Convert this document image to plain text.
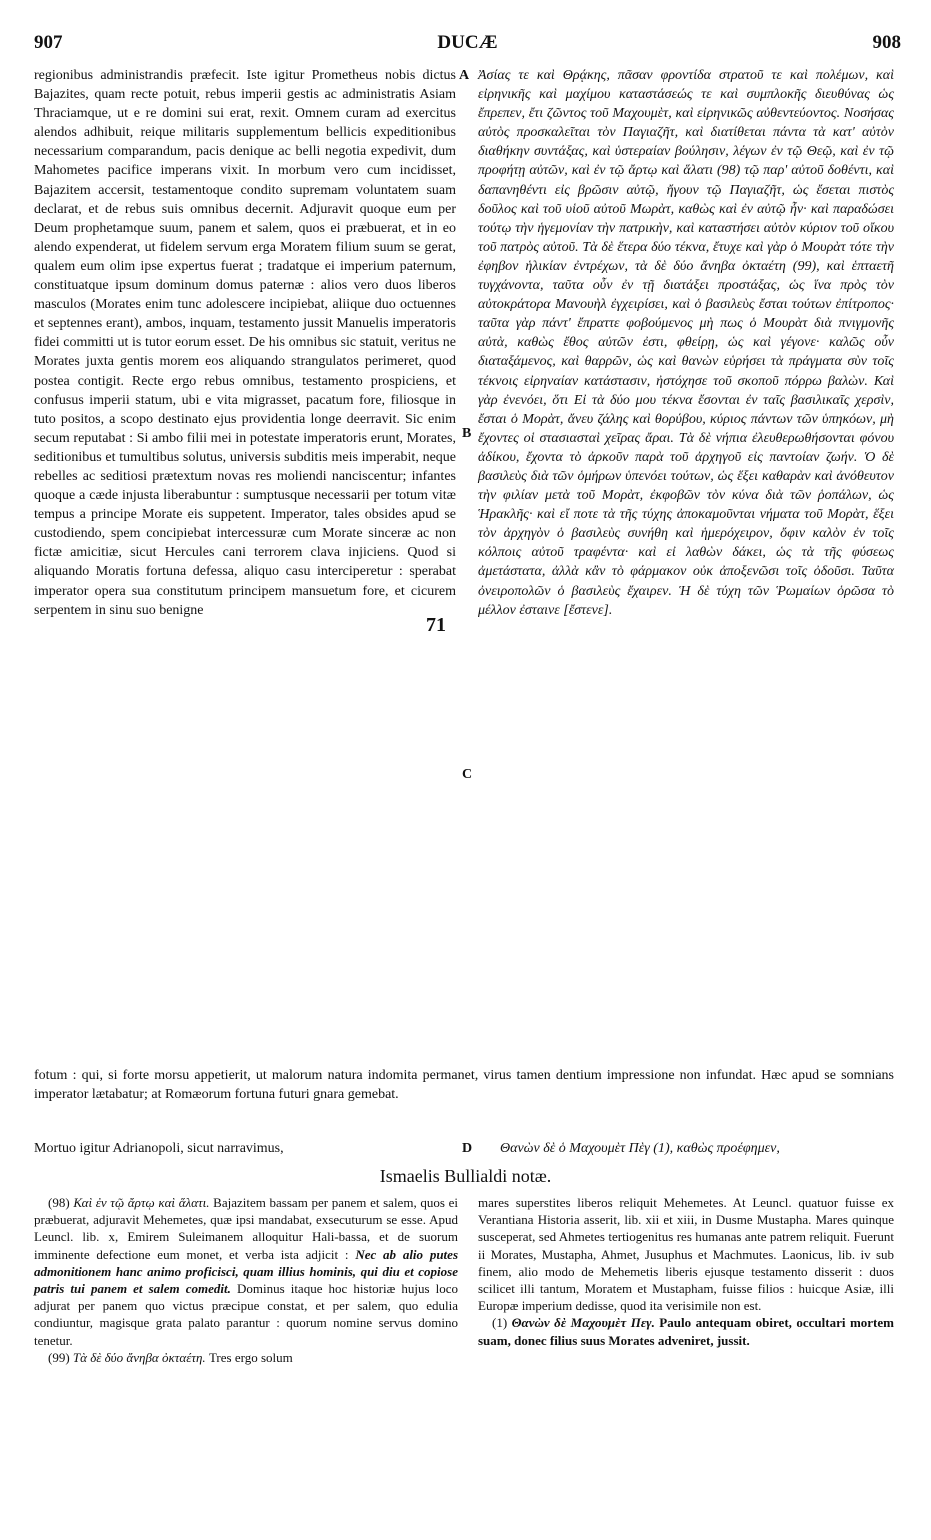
907	DUCÆ	908

regionibus administrandis præfecit. Iste igitur Prometheus nobis dictus Bajazites, quam recte potuit, rebus imperii gestis ac administratis Asiam Thraciamque, ut e re domini sui erat, rexit. Omnem curam ad exercitus alendos adhibuit, reique militaris supplementum bellicis expeditionibus necessarium comparandum, pacis denique ac belli negotia expedivit, dum Mahometes pacifice imperans vixit. In morbum vero cum incidisset, Bajazitem accersit, testamentoque condito supremam voluntatem suam declarat, et de rebus suis omnibus decernit. Adjuravit quoque eum per Deum prophetamque suum, panem et salem, quos ei præbuerat, et in eo alendo expenderat, ut fidelem servum erga Moratem filium suum se gerat, qualem eum olim ipse expertus fuerat ; tradatque ei imperium paternum, constituatque ipsum dominum domus paternæ : alios vero duos liberos masculos (Morates enim tunc adolescere incipiebat, aliique duo octuennes et septennes erant), ambos, inquam, testamento jussit Manuelis imperatoris fidei committi ut is tutor eorum esset. De his omnibus sic statuit, veritus ne Morates juxta gentis morem eos aliquando strangulatos perimeret, quod postea contigit. Recte ergo rebus omnibus, testamento prospiciens, et confusus imperii statum, ubi e vita migrasset, pacatum fore, filiosque in tuto positos, a scopo destinato ejus providentia longe deerravit. Sic enim secum reputabat : Si ambo filii mei in potestate imperatoris erunt, Morates, seditionibus et tumultibus solutus, universis subditis meis imperabit, neque rebelles ac seditiosi prætextum novas res moliendi nanciscentur; infantes quoque a cæde injusta liberabuntur : sumptusque necessarii per totum vitæ tempus a principe Morate eis suppetent. Imperator, tales obsides apud se custodiendo, spem concipiebat intercessuræ cum Morate sinceræ ac non fictæ amicitiæ, sicut Hercules cani terrorem clava injiciens. Quod si aliquando Moratis fortuna defessa, aliquo casu interciperetur : sperabat imperator opera sua constitutum principem mansuetum fore, et cicurem serpentem in sinu suo benigne

Ἀσίας τε καὶ Θρᾴκης, πᾶσαν φροντίδα στρατοῦ τε καὶ πολέμων, καὶ εἰρηνικῆς καὶ μαχίμου καταστάσεώς τε καὶ συμπλοκῆς διευθύνας ὡς ἔπρεπεν, ἔτι ζῶντος τοῦ Μαχουμὲτ, καὶ εἰρηνικῶς αὐθεντεύοντος. Νοσήσας αὐτὸς προσκαλεῖται τὸν Παγιαζῆτ, καὶ διατίθεται πάντα τὰ κατ' αὐτὸν διαθήκην συντάξας, καὶ ὑστεραίαν βούλησιν, λέγων ἐν τῷ Θεῷ, καὶ ἐν τῷ προφήτῃ αὐτῶν, καὶ ἐν τῷ ἄρτῳ καὶ ἅλατι (98) τῷ παρ' αὐτοῦ δοθέντι, καὶ δαπανηθέντι εἰς βρῶσιν αὐτῷ, ἤγουν τῷ Παγιαζῆτ, ὡς ἔσεται πιστὸς δοῦλος καὶ τοῦ υἱοῦ αὐτοῦ Μωρὰτ, καθὼς καὶ ἐν αὐτῷ ἦν· καὶ παραδώσει τούτῳ τὴν ἡγεμονίαν τὴν πατρικὴν, καὶ καταστήσει αὐτὸν κύριον τοῦ οἴκου τοῦ πατρὸς αὐτοῦ. Τὰ δὲ ἕτερα δύο τέκνα, ἔτυχε καὶ γὰρ ὁ Μουρὰτ τότε τὴν ἐφηβον ἡλικίαν ἐντρέχων, τὰ δὲ δύο ἄνηβα ὀκταέτη (99), καὶ ἑπταετῆ τυγχάνοντα, ταῦτα οὖν ἐν τῇ διατάξει προστάξας, ὡς ἵνα πρὸς τὸν αὐτοκράτορα Μανουὴλ ἐγχειρίσει, καὶ ὁ βασιλεὺς ἔσται τούτων ἐπίτροπος· ταῦτα γὰρ πάντ' ἔπραττε φοβούμενος μὴ πως ὁ Μουρὰτ διὰ πνιγμονῆς αὐτὰ, καθὼς ἔθος αὐτῶν ἐστι, φθείρῃ, ὡς καὶ γέγονε· καλῶς οὖν διαταξάμενος, καὶ θαρρῶν, ὡς καὶ θανὼν εὑρήσει τὰ πράγματα σὺν τοῖς τέκνοις εἰρηναίαν κατάστασιν, ἠστόχησε τοῦ σκοποῦ πόρρω βαλὼν. Καὶ γὰρ ἐνενόει, ὅτι Εἰ τὰ δύο μου τέκνα ἔσονται ἐν ταῖς βασιλικαῖς χερσὶν, ἔσται ὁ Μορὰτ, ἄνευ ζάλης καὶ θορύβου, κύριος πάντων τῶν ὑπηκόων, μὴ ἔχοντες οἱ στασιασταὶ χεῖρας ἄραι. Τὰ δὲ νήπια ἐλευθερωθήσονται φόνου ἀδίκου, ἔχοντα τὸ ἀρκοῦν παρὰ τοῦ ἀρχηγοῦ εἰς παντοίαν ζωήν. Ὁ δὲ βασιλεὺς διὰ τῶν ὁμήρων ὑπενόει τούτων, ὡς ἕξει καθαρὰν καὶ ἀνόθευτον τὴν φιλίαν μετὰ τοῦ Μορὰτ, ἐκφοβῶν τὸν κύνα διὰ τῶν ῥοπάλων, ὡς Ἡρακλῆς· καὶ εἴ ποτε τὰ τῆς τύχης ἀποκαμοῦνται νήματα τοῦ Μορὰτ, ἕξει τὸν ἀρχηγὸν ὁ βασιλεὺς συνήθη καὶ ἡμερόχειρον, ὄφιν καλὸν ἐν τοῖς κόλποις αὐτοῦ τραφέντα· καὶ εἰ λαθὼν δάκει, ὡς τὰ τῆς φύσεως ἀμετάστατα, ἀλλὰ κἂν τὸ φάρμακον οὐκ ἀποξενῶσι τοῖς ὀδοῦσι. Ταῦτα ὀνειροπολῶν ὁ βασιλεὺς ἔχαιρεν. Ἡ δὲ τύχη τῶν Ῥωμαίων ὁρῶσα τὸ μέλλον ἐσταινε [ἔστενε].

A
B
C
71

fotum : qui, si forte morsu appetierit, ut malorum natura indomita permanet, virus tamen dentium impressione non infundat. Hæc apud se somnians imperator lætabatur; at Romæorum fortuna futuri gnara gemebat.

Mortuo igitur Adrianopoli, sicut narravimus,	D Θανὼν δὲ ὁ Μαχουμὲτ Πὲγ (1), καθὼς προέφημεν,
Ismaelis Bullialdi notæ.

(98) Καὶ ἐν τῷ ἄρτῳ καὶ ἅλατι. Bajazitem bassam per panem et salem, quos ei præbuerat, adjuravit Mehemetes, quæ ipsi mandabat, exsecuturum se esse. Apud Leuncl. lib. x, Emirem Suleimanem alloquitur Hali-bassa, et de suorum imminente defectione eum monet, et verba ista adjicit : Nec ab alio putes admonitionem hanc animo proficisci, quam illius hominis, qui diu et copiose patris tui panem et salem comedit. Dominus itaque hoc historiæ hujus loco adjurat per panem quo victus præcipue constat, et per salem, quo edulia condiuntur, magisque grata palato parantur : quorum nomine servus domino tenetur.

(99) Τὰ δὲ δύο ἄνηβα ὀκταέτη. Tres ergo solum

mares superstites liberos reliquit Mehemetes. At Leuncl. quatuor fuisse ex Verantiana Historia asserit, lib. xii et xiii, in Dusme Mustapha. Mares quinque susceperat, sed Ahmetes tertiogenitus res humanas ante patrem reliquit. Fuerunt ii Morates, Mustapha, Ahmet, Jusuphus et Machmutes. Laonicus, lib. iv sub finem, alio modo de Mehemetis liberis ejusque testamento disserit : duos scilicet illi tantum, Moratem et Mustapham, fuisse filios : huicque Asiæ, illi Europæ imperium dedisse, quod ita verisimile non est.

(1) Θανὼν δὲ Μαχουμὲτ Πεγ. Paulo antequam obiret, occultari mortem suam, donec filius suus Morates adveniret, jussit.
